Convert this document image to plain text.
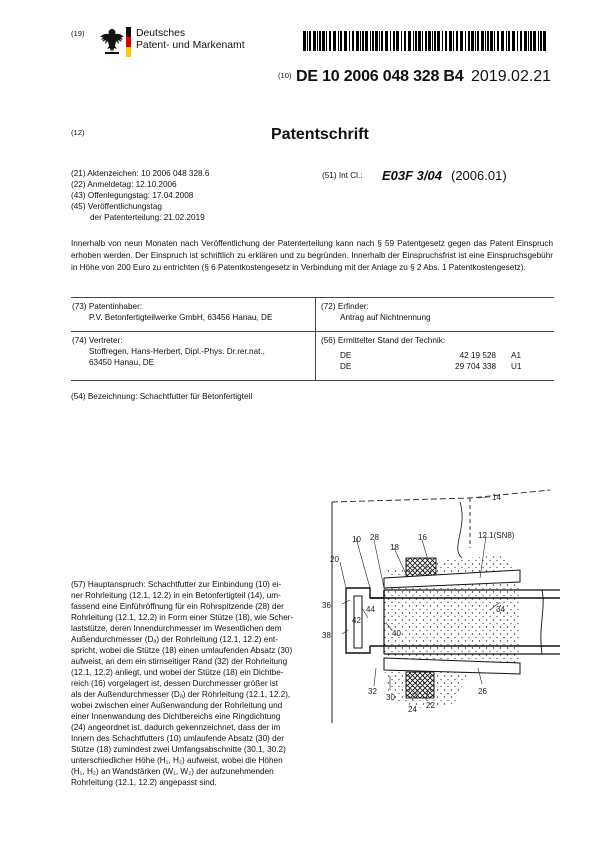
(19)	Deutsches
Patent- und Markenamt
(10) DE 10 2006 048 328 B4 2019.02.21
(12)	Patentschrift
(21) Aktenzeichen: 10 2006 048 328.6
(22) Anmeldetag: 12.10.2006
(43) Offenlegungstag: 17.04.2008
(45) Veröffentlichungstag
der Patenterteilung: 21.02.2019
(51) Int Cl.: E03F 3/04 (2006.01)
Innerhalb von neun Monaten nach Veröffentlichung der Patenterteilung kann nach § 59 Patentgesetz gegen das Patent Einspruch erhoben werden. Der Einspruch ist schriftlich zu erklären und zu begründen. Innerhalb der Einspruchsfrist ist eine Einspruchsgebühr in Höhe von 200 Euro zu entrichten (§ 6 Patentkostengesetz in Verbindung mit der Anlage zu § 2 Abs. 1 Patentkostengesetz).
(73) Patentinhaber:
P.V. Betonfertigteilwerke GmbH, 63456 Hanau, DE
(74) Vertreter:
Stoffregen, Hans-Herbert, Dipl.-Phys. Dr.rer.nat.,
63450 Hanau, DE
(72) Erfinder:
Antrag auf Nichtnennung
(56) Ermittelter Stand der Technik:
DE	42 19 528 A1
DE	29 704 338 U1
(54) Bezeichnung: Schachtfutter für Betonfertigteil
(57) Hauptanspruch: Schachtfutter zur Einbindung (10) ei-
ner Rohrleitung (12.1, 12.2) in ein Betonfertigteil (14), um-
fassend eine Einführöffnung für ein Rohrspitzende (28) der
Rohrleitung (12.1, 12.2) in Form einer Stütze (18), wie Scher-
laststütze, deren Innendurchmesser im Wesentlichen dem
Außendurchmesser (Dₐ) der Rohrleitung (12.1, 12.2) ent-
spricht, wobei die Stütze (18) einen umlaufenden Absatz (30)
aufweist, an dem ein stirnseitiger Rand (32) der Rohrleitung
(12.1, 12.2) anliegt, und wobei der Stütze (18) ein Dichtbe-
reich (16) vorgelagert ist, dessen Durchmesser größer ist
als der Außendurchmesser (Dₐ) der Rohrleitung (12.1, 12.2),
wobei zwischen einer Außenwandung der Rohrleitung und
einer Innenwandung des Dichtbereichs eine Ringdichtung
(24) angeordnet ist, dadurch gekennzeichnet, dass der im
Innern des Schachtfutters (10) umlaufende Absatz (30) der
Stütze (18) zumindest zwei Umfangsabschnitte (30.1, 30.2)
unterschiedlicher Höhe (H₁, H₂) aufweist, wobei die Höhen
(H₁, H₂) an Wandstärken (W₁, W₂) der aufzunehmenden
Rohrleitung (12.1, 12.2) angepasst sind.
14
10 28
18
16	12.1(SN8)
20
36
38
42
44
40
34
32
30
24 22
26
